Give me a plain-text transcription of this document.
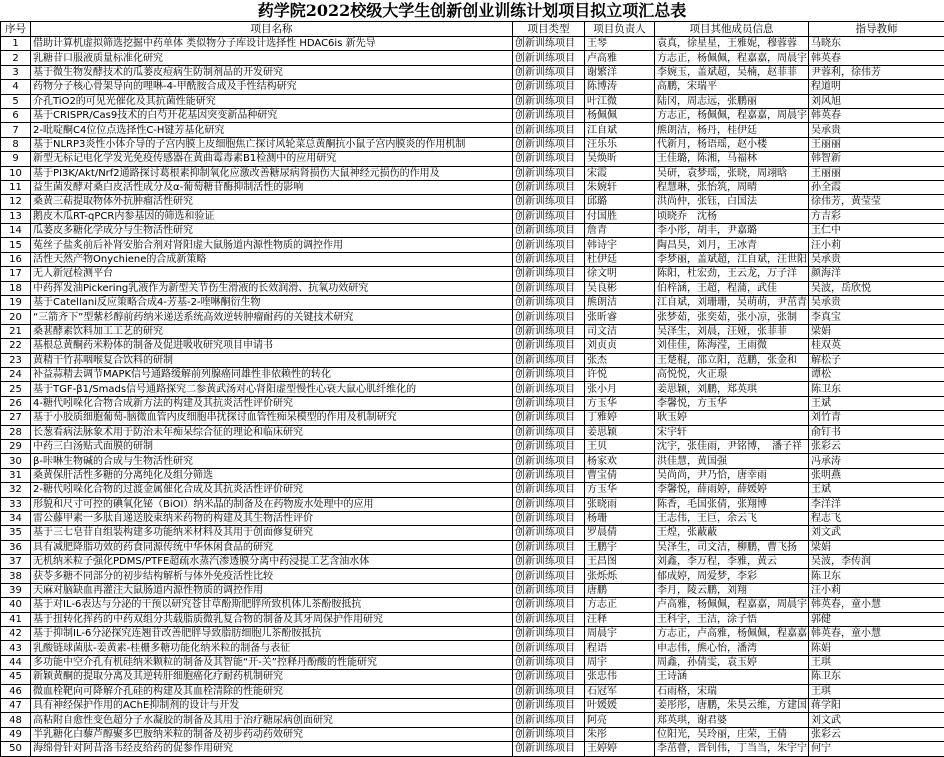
药学院2022校级大学生创新创业训练计划项目拟立项汇总表
序号	项目名称	项目类型	项目负责人	项目其他成员信息	指导教师
1	借助计算机虚拟筛选挖掘中药单体 类似物分子库设计选择性 HDAC6is 新先导	创新训练项目	王琴	袁真，徐星星，王雅妮，穆蓉蓉	马晓东
2	乳糖苷口服液质量标准化研究	创新训练项目	卢高雅	方志正，杨佩佩，程嘉嘉，周晨宇	韩英春
3	基于微生物发酵技术的瓜蒌皮痘病生防制剂品的开发研究	创新训练项目	谢繁洋	李婉玉，盖斌超，吴楠，赵菲菲	尹蓉利，徐伟芳
4	药物分子核心骨架导向的哩啉-4-甲酰胺合成及手性结构研究	创新训练项目	陈博涛	高鹏，宋瑞平	程道明
5	介孔TiO2的可见光催化及其抗菌性能研究	创新训练项目	叶江微	陆冈，周志远，张鹏丽	刘风旭
6	基于CRISPR/Cas9技术的白芍开花基因突变新品种研究	创新训练项目	杨佩佩	方志正，杨佩佩，程嘉嘉，周晨宇	韩英春
7	2-吡啶酮C4位位点选择性C-H键芳基化研究	创新训练项目	江自斌	熊朗洁，杨丹，桂伊廷	吴承贵
8	基于NLRP3炎性小体介导的子宫内膜上皮细胞焦亡探讨风轮菜总黄酮抗小鼠子宫内膜炎的作用机制	创新训练项目	汪乐乐	代新月，杨语瑶，赵小楼	王丽丽
9	新型无标记电化学发光免疫传感器在黄曲霉毒素B1检测中的应用研究	创新训练项目	吴焕昕	王佳璐，陈湘，马福林	韩智新
10	基于PI3K/Akt/Nrf2通路探讨葛根素抑制氧化应激改善糖尿病肾损伤大鼠神经元损伤的作用及	创新训练项目	宋霞	吴研，袁梦瑶，张晓，周翊晗	王丽丽
11	益生菌发酵对桑白皮活性成分及α-葡萄糖苷酶抑制活性的影响	创新训练项目	朱婉轩	程慧琳，张怡筑，周晴	孙全霞
12	桑黄三萜提取物体外抗肿瘤活性研究	创新训练项目	邱璐	洪尚仲，张钰，白国法	徐伟芳，黄莹莹
13	鹅皮木瓜RT-qPCR内参基因的筛选和验证	创新训练项目	付国胜	顷晓乔　沈杨	方吉彩
14	瓜蒌皮多糖化学成分与生物活性研究	创新训练项目	詹青	李小彤，胡丰，尹嘉璐	王仁中
15	菟丝子盐炙前后补肾安胎合剂对肾阳虚大鼠肠道内源性物质的调控作用	创新训练项目	韩诗宇	陶昌昊，刘月，王冰青	汪小莉
16	活性天然产物Onychiene的合成新策略	创新训练项目	杜伊廷	李梦丽，盖斌超，江自斌，汪世阳	吴承贵
17	无人新冠检测平台	创新训练项目	徐文明	陈阳，杜宏劲，王云龙，万子洋	颜海洋
18	中药挥发油Pickering乳液作为新型关节伤生滑液的长效润滑、抗氧功效研究	创新训练项目	吴良彬	伯梓涵，王超，程蒲，武佳	吴波，岳欣悦
19	基于Catellani反应策略合成4-芳基-2-喹啉酮衍生物	创新训练项目	熊朗洁	江自斌，刘珊珊，吴萌萌，尹茁青	吴承贵
20	“三箭齐下”型紫杉醇前药纳米递送系统高效逆转肿瘤耐药的关键技术研究	创新训练项目	张昕睿	张梦茹，张奕茹，张小凉，张制	李真宝
21	桑葚酵素饮料加工工艺的研究	创新训练项目	司文洁	吴泽生，刘晨，汪娅，张菲菲	梁娟
22	基根总黄酮药米粉体的制备及促进吸收研究项目申请书	创新训练项目	刘贞贞	刘佳佳，陈海滢，王雨微	桂双英
23	黄精干竹荪咽喉复合饮料的研制	创新训练项目	张杰	王楚棍，邵立阳，范鹏，张金和	解松子
24	补益蒜精去调节MAPK信号通路缓解前列腺癌同雄性非依赖性的转化	创新训练项目	许悦	高悦悦，火正璟	谭松
25	基于TGF-β1/Smads信号通路探究二参黄武汤对心肾阳虚型慢性心衰大鼠心肌纤维化的	创新训练项目	张小月	姜思颖，刘鹏，郑英琪	陈卫东
26	4-糖代吲哚化合物合成新方法的构建及其抗炎活性评价研究	创新训练项目	方玉华	李馨悦，方玉华	王斌
27	基于小胶质细胞葡萄-脑微血管内皮细胞串扰探讨血管性痴呆模型的作用及机制研究	创新训练项目	丁雅婷	耿玉婷	刘竹青
28	长葱看病法脉象术用于防治未年痴呆综合征的理论和临床研究	创新训练项目	姜思颖	宋宇轩	俞钉书
29	中药三白汤贴式面膜的研制	创新训练项目	王贝	沈宇，张佳雨，尹铭博，　潘子祥	张彩云
30	β-咔啉生物碱的合成与生物活性研究	创新训练项目	杨家欢	洪佳慧，黄国强	冯承涛
31	桑黄保肝活性多糖的分离纯化及组分筛选	创新训练项目	曹宝倩	吴尚尚，尹乃恰，唐幸雨	张明燕
32	2-糖代吲哚化合物的过渡金属催化合成及其抗炎活性评价研究	创新训练项目	方玉华	李馨悦，薛雨婷，薛媛婷	王斌
33	形貌和尺寸可控的碘氧化铋（BiOI）纳米晶的制备及在药物废水处理中的应用	创新训练项目	张晓雨	陈香，毛国张倩，张翔博	李洋洋
34	雷公藤甲素一多肽自递送胶束纳米药物的构建及其生物活性评价	创新训练项目	杨珊	王志伟，王巨，余云飞	程志飞
35	基于三七皂苷自组装构建多功能纳米材料及其用于创面修复研究	创新训练项目	罗晨倩	王煌，张蔽蔽	刘文武
36	具有减肥降脂功效的药食同源传统中华休闲食品的研究	创新训练项目	王鹏宇	吴泽生，司文洁，柳鹏，曹飞扬	梁娟
37	无机纳米粒子强化PDMS/PTFE超疏水蒸汽渗透膜分离中药浸提工艺含油水体	创新训练项目	王昌图	刘鑫，李万程，李雅，黄云	吴波，李传润
38	获苓多糖不同部分的初步结构解析与体外免疫活性比较	创新训练项目	张烁烁	郁成婷，周爱梦，李彩	陈卫东
39	天麻对脑缺血再灌注大鼠肠道内源性物质的调控作用	创新训练项目	唐鹏	李月，陵云鹏，刘翔	汪小莉
40	基于对IL-6表达与分泌的干预以研究苍甘草酚斯肥胖所致机体儿茶酚胺抵抗	创新训练项目	方志正	卢高雅，杨佩佩，程嘉嘉，周晨宇	韩英春，童小慧
41	基于扭转化挥药的中药双组分共载脂质微乳复合物的制备及其牙周保护作用研究	创新训练项目	汪释	王科宇，王洁，涂子悟	郭健
42	基于抑制IL-6分泌探究连翘苷改善肥胖导致脂肪细胞儿茶酚胺抵抗	创新训练项目	周晨宇	方志正，卢高雅，杨佩佩，程嘉嘉	韩英春，童小慧
43	乳酸链球菌肽-姜黄素-桂栅多糖功能化纳米粒的制备与表征	创新训练项目	程语	申志伟，熊心怡，潘湾	陈娟
44	多功能中空介孔有机硅纳米颗粒的制备及其智能“开-关”控释丹酚酸的性能研究	创新训练项目	周宇	周鑫，孙倩雯，袁玉婷	王琪
45	新颖黄酮的提取分离及其逆转肝细胞癌化疗耐药机制研究	创新训练项目	张忠伟	王诗涵	陈卫东
46	微血栓靶向可降解介孔硅的构建及其血栓清除的性能研究	创新训练项目	石冠军	石雨格，宋瑞	王琪
47	具有神经保护作用的AChE抑制剂的设计与开发	创新训练项目	叶媛媛	姜彤彤，唐鹏，朱昊云维，方建国	蒋学阳
48	高粘附自愈性变色超分子水凝胶的制备及其用于治疗糖尿病创面研究	创新训练项目	阿亮	郑英琪，谢君婆	刘文武
49	半乳糖化白藜芦醇聚多巴胺纳米粒的制备及初步药动药效研究	创新训练项目	朱彤	位阳光，吴玲丽，庄荣，王倩	张彩云
50	海绵骨针对阿昔洛韦经皮给药的促参作用研究	创新训练项目	王婷婷	李茁瞢，晋钊伟，丁当当，朱宇宁	何宁
